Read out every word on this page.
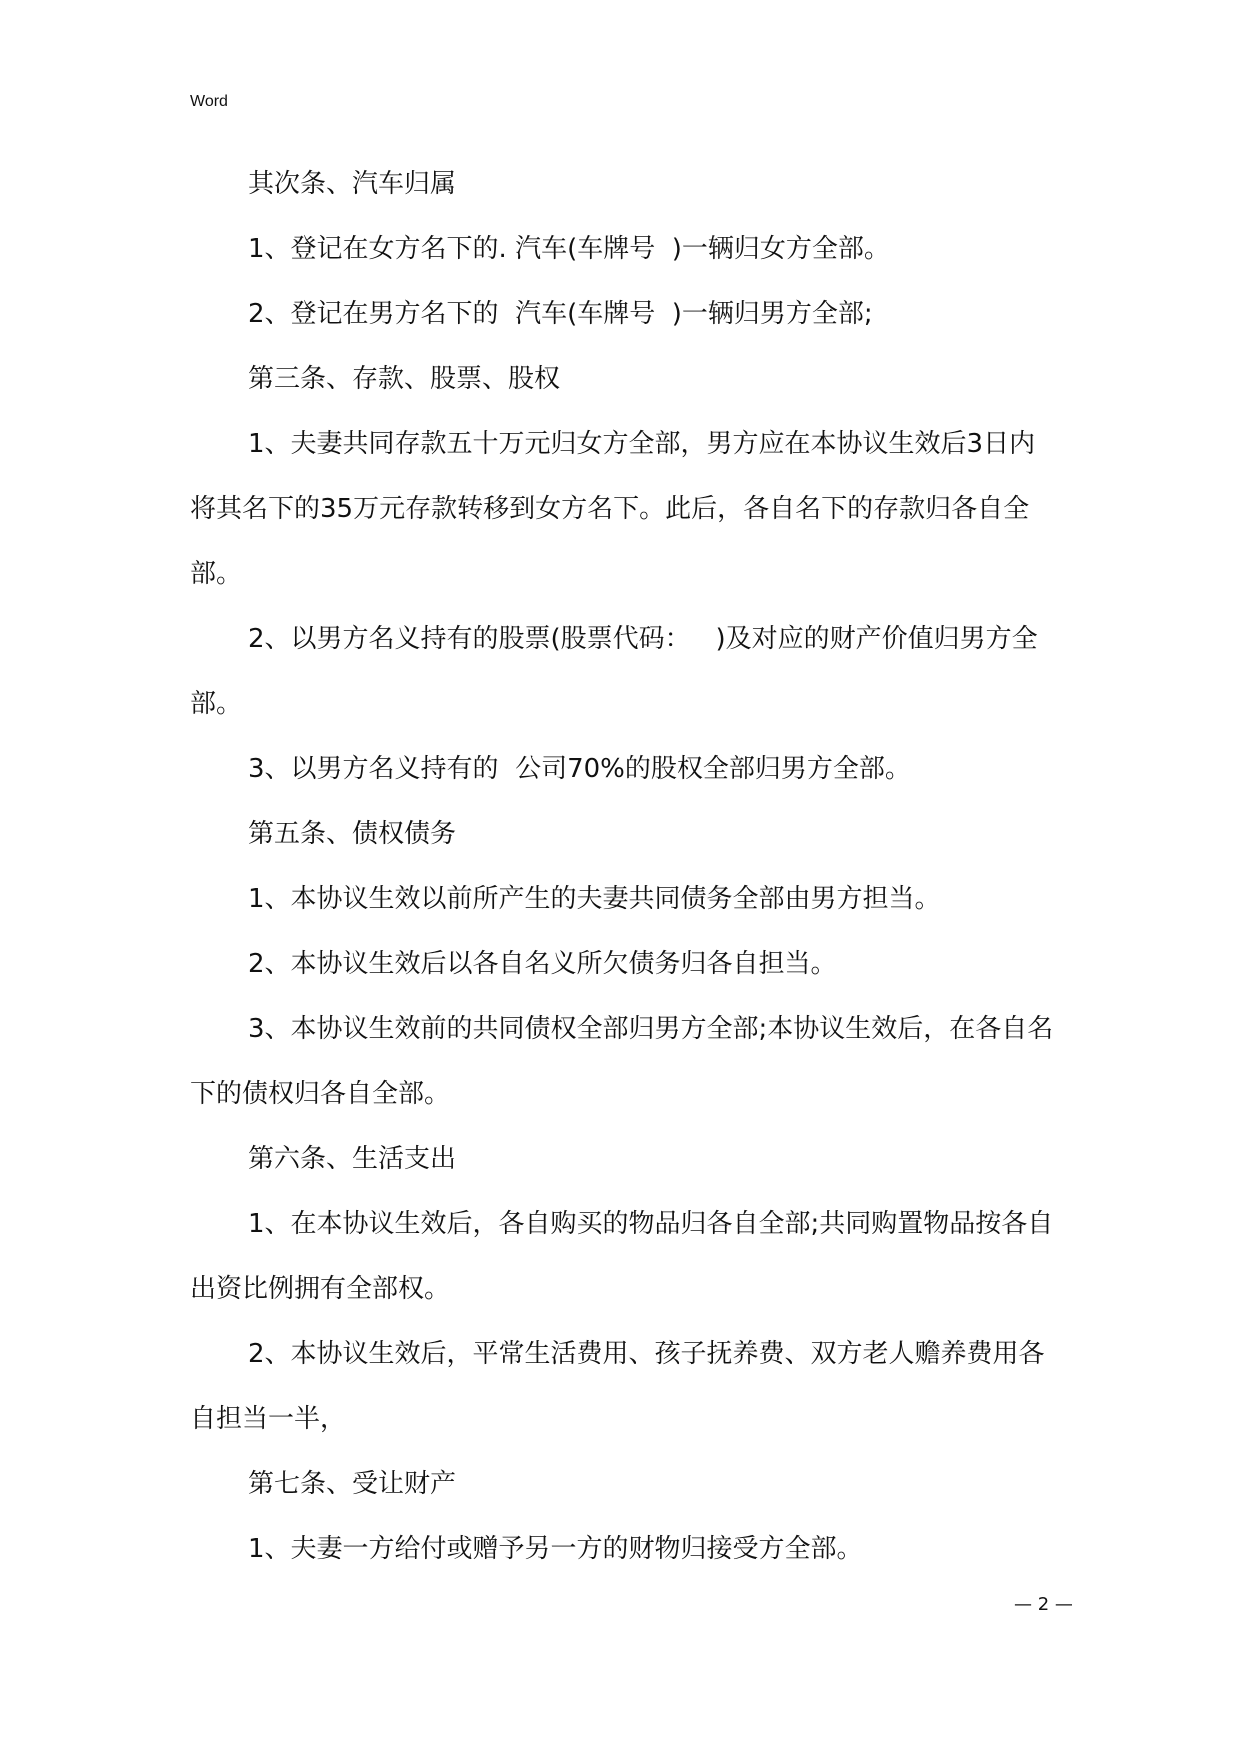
Word

其次条、汽车归属

1、登记在女方名下的. 汽车(车牌号  )一辆归女方全部。

2、登记在男方名下的  汽车(车牌号  )一辆归男方全部;

第三条、存款、股票、股权

1、夫妻共同存款五十万元归女方全部，男方应在本协议生效后3日内将其名下的35万元存款转移到女方名下。此后，各自名下的存款归各自全部。

2、以男方名义持有的股票(股票代码：   )及对应的财产价值归男方全部。

3、以男方名义持有的  公司70%的股权全部归男方全部。

第五条、债权债务

1、本协议生效以前所产生的夫妻共同债务全部由男方担当。

2、本协议生效后以各自名义所欠债务归各自担当。

3、本协议生效前的共同债权全部归男方全部;本协议生效后，在各自名下的债权归各自全部。

第六条、生活支出

1、在本协议生效后，各自购买的物品归各自全部;共同购置物品按各自出资比例拥有全部权。

2、本协议生效后，平常生活费用、孩子抚养费、双方老人赡养费用各自担当一半，

第七条、受让财产

1、夫妻一方给付或赠予另一方的财物归接受方全部。

— 2 —
